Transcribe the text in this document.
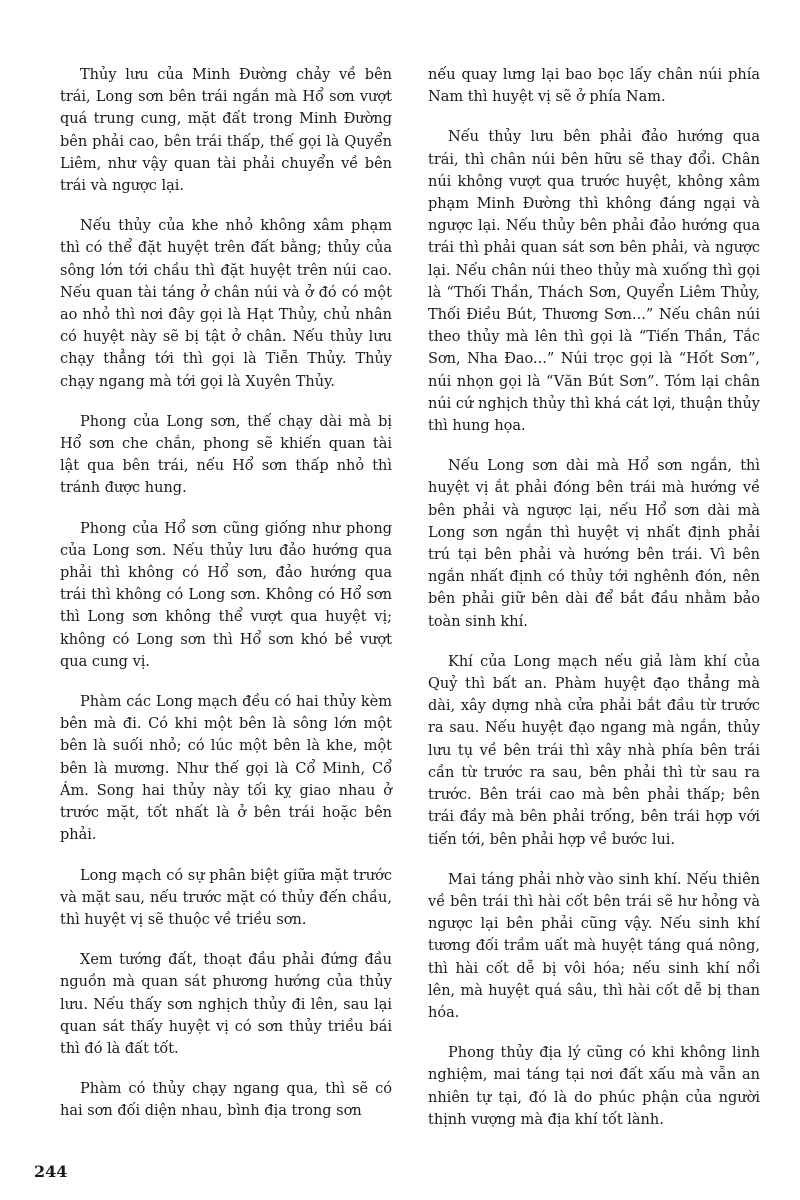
Thủy lưu của Minh Đường chảy về bên trái, Long sơn bên trái ngắn mà Hổ sơn vượt quá trung cung, mặt đất trong Minh Đường bên phải cao, bên trái thấp, thế gọi là Quyển Liêm, như vậy quan tài phải chuyển về bên trái và ngược lại.

Nếu thủy của khe nhỏ không xâm phạm thì có thể đặt huyệt trên đất bằng; thủy của sông lớn tới chầu thì đặt huyệt trên núi cao. Nếu quan tài táng ở chân núi và ở đó có một ao nhỏ thì nơi đây gọi là Hạt Thủy, chủ nhân có huyệt này sẽ bị tật ở chân. Nếu thủy lưu chạy thẳng tới thì gọi là Tiễn Thủy. Thủy chạy ngang mà tới gọi là Xuyên Thủy.

Phong của Long sơn, thế chạy dài mà bị Hổ sơn che chắn, phong sẽ khiến quan tài lật qua bên trái, nếu Hổ sơn thấp nhỏ thì tránh được hung.

Phong của Hổ sơn cũng giống như phong của Long sơn. Nếu thủy lưu đảo hướng qua phải thì không có Hổ sơn, đảo hướng qua trái thì không có Long sơn. Không có Hổ sơn thì Long sơn không thể vượt qua huyệt vị; không có Long sơn thì Hổ sơn khó bề vượt qua cung vị.

Phàm các Long mạch đều có hai thủy kèm bên mà đi. Có khi một bên là sông lớn một bên là suối nhỏ; có lúc một bên là khe, một bên là mương. Như thế gọi là Cổ Minh, Cổ Ám. Song hai thủy này tối kỵ giao nhau ở trước mặt, tốt nhất là ở bên trái hoặc bên phải.

Long mạch có sự phân biệt giữa mặt trước và mặt sau, nếu trước mặt có thủy đến chầu, thì huyệt vị sẽ thuộc về triều sơn.

Xem tướng đất, thoạt đầu phải đứng đầu nguồn mà quan sát phương hướng của thủy lưu. Nếu thấy sơn nghịch thủy đi lên, sau lại quan sát thấy huyệt vị có sơn thủy triều bái thì đó là đất tốt.

Phàm có thủy chạy ngang qua, thì sẽ có hai sơn đối diện nhau, bình địa trong sơn

nếu quay lưng lại bao bọc lấy chân núi phía Nam thì huyệt vị sẽ ở phía Nam.

Nếu thủy lưu bên phải đảo hướng qua trái, thì chân núi bên hữu sẽ thay đổi. Chân núi không vượt qua trước huyệt, không xâm phạm Minh Đường thì không đáng ngại và ngược lại. Nếu thủy bên phải đảo hướng qua trái thì phải quan sát sơn bên phải, và ngược lại. Nếu chân núi theo thủy mà xuống thì gọi là “Thối Thần, Thách Sơn, Quyển Liêm Thủy, Thối Điều Bút, Thương Sơn...” Nếu chân núi theo thủy mà lên thì gọi là “Tiến Thần, Tắc Sơn, Nha Đao...” Núi trọc gọi là “Hốt Sơn”, núi nhọn gọi là “Văn Bút Sơn”. Tóm lại chân núi cứ nghịch thủy thì khá cát lợi, thuận thủy thì hung họa.

Nếu Long sơn dài mà Hổ sơn ngắn, thì huyệt vị ắt phải đóng bên trái mà hướng về bên phải và ngược lại, nếu Hổ sơn dài mà Long sơn ngắn thì huyệt vị nhất định phải trú tại bên phải và hướng bên trái. Vì bên ngắn nhất định có thủy tới nghênh đón, nên bên phải giữ bên dài để bắt đầu nhằm bảo toàn sinh khí.

Khí của Long mạch nếu giả làm khí của Quỷ thì bất an. Phàm huyệt đạo thẳng mà dài, xây dựng nhà cửa phải bắt đầu từ trước ra sau. Nếu huyệt đạo ngang mà ngắn, thủy lưu tụ về bên trái thì xây nhà phía bên trái cần từ trước ra sau, bên phải thì từ sau ra trước. Bên trái cao mà bên phải thấp; bên trái đầy mà bên phải trống, bên trái hợp với tiến tới, bên phải hợp về bước lui.

Mai táng phải nhờ vào sinh khí. Nếu thiên về bên trái thì hài cốt bên trái sẽ hư hỏng và ngược lại bên phải cũng vậy. Nếu sinh khí tương đối trầm uất mà huyệt táng quá nông, thì hài cốt dễ bị vôi hóa; nếu sinh khí nổi lên, mà huyệt quá sâu, thì hài cốt dễ bị than hóa.

Phong thủy địa lý cũng có khi không linh nghiệm, mai táng tại nơi đất xấu mà vẫn an nhiên tự tại, đó là do phúc phận của người thịnh vượng mà địa khí tốt lành.

244
